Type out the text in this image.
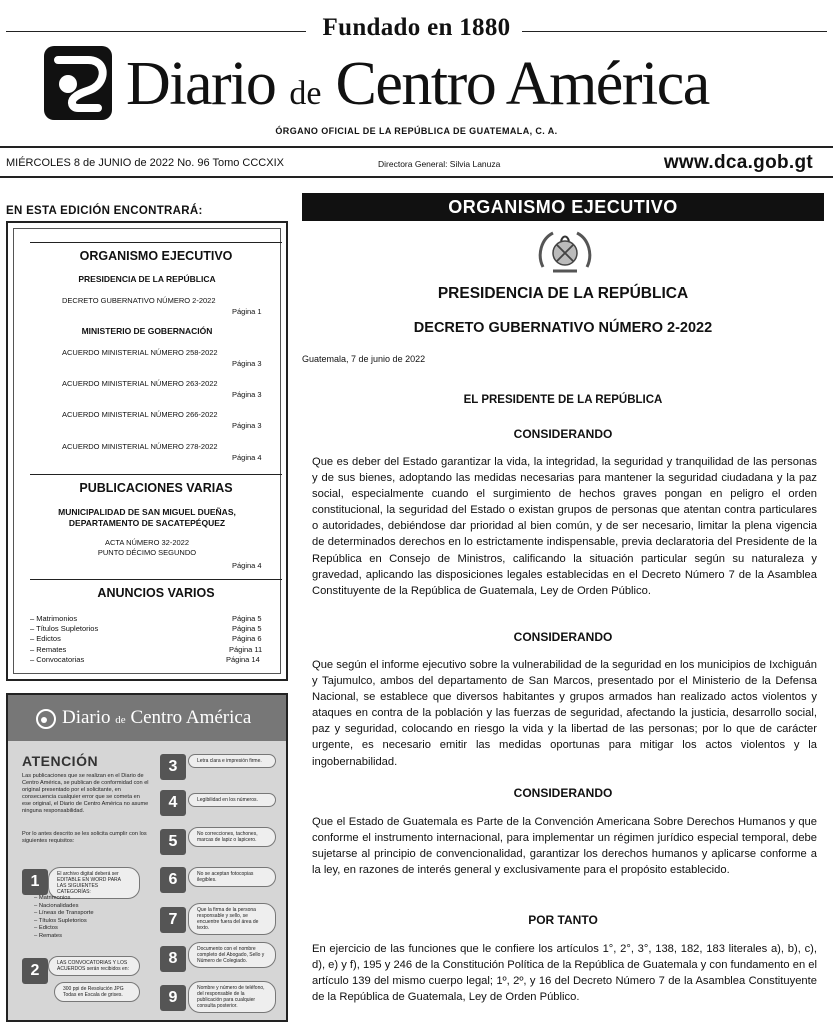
Fundado en 1880
Diario de Centro América
ÓRGANO OFICIAL DE LA REPÚBLICA DE GUATEMALA, C. A.
MIÉRCOLES 8 de JUNIO de 2022 No. 96 Tomo CCCXIX	Directora General: Silvia Lanuza	www.dca.gob.gt
EN ESTA EDICIÓN ENCONTRARÁ:
ORGANISMO EJECUTIVO
PRESIDENCIA DE LA REPÚBLICA
DECRETO GUBERNATIVO NÚMERO 2-2022
Página 1
MINISTERIO DE GOBERNACIÓN
ACUERDO MINISTERIAL NÚMERO 258-2022
Página 3
ACUERDO MINISTERIAL NÚMERO 263-2022
Página 3
ACUERDO MINISTERIAL NÚMERO 266-2022
Página 3
ACUERDO MINISTERIAL NÚMERO 278-2022
Página 4
PUBLICACIONES VARIAS
MUNICIPALIDAD DE SAN MIGUEL DUEÑAS,
DEPARTAMENTO DE SACATEPÉQUEZ
ACTA NÚMERO 32-2022
PUNTO DÉCIMO SEGUNDO
Página 4
ANUNCIOS VARIOS
– Matrimonios	Página 5
– Títulos Supletorios	Página 5
– Edictos	Página 6
– Remates	Página 11
– Convocatorias	Página 14
Diario de Centro América
ATENCIÓN
Las publicaciones que se realizan en el Diario de Centro América, se publican de conformidad con el original presentado por el solicitante, en consecuencia cualquier error que se cometa en ese original, el Diario de Centro América no asume ninguna responsabilidad.
Por lo antes descrito se les solicita cumplir con los siguientes requisitos:
1	El archivo digital deberá ser EDITABLE EN WORD PARA LAS SIGUIENTES CATEGORÍAS:
2	LAS CONVOCATORIAS Y LOS ACUERDOS serán recibidos en:
300 ppi de Resolución JPG Todas en Escala de grises.
3	Letra clara e impresión firme.
4	Legibilidad en los números.
5	No correcciones, tachones, marcas de lapiz o lapicero.
6	No se aceptan fotocopias ilegibles.
7
Que la firma de la persona responsable y sello, se encuentre fuera del área de texto.
8
Documento con el nombre completo del Abogado, Sello y Número de Colegiado.
9
Nombre y número de teléfono, del responsable de la publicación para cualquier consulta posterior.
– Matrimonios
– Nacionalidades
– Líneas de Transporte
– Títulos Supletorios
– Edictos
– Remates
ORGANISMO EJECUTIVO
PRESIDENCIA DE LA REPÚBLICA
DECRETO GUBERNATIVO NÚMERO 2-2022
Guatemala, 7 de junio de 2022
EL PRESIDENTE DE LA REPÚBLICA
CONSIDERANDO
Que es deber del Estado garantizar la vida, la integridad, la seguridad y tranquilidad de las personas y de sus bienes, adoptando las medidas necesarias para mantener la seguridad ciudadana y la paz social, especialmente cuando el surgimiento de hechos graves pongan en peligro el orden constitucional, la seguridad del Estado o existan grupos de personas que atentan contra particulares o autoridades, debiéndose dar prioridad al bien común, y de ser necesario, limitar la plena vigencia de determinados derechos en lo estrictamente indispensable, previa declaratoria del Presidente de la República en Consejo de Ministros, calificando la situación particular según su naturaleza y gravedad, aplicando las disposiciones legales establecidas en el Decreto Número 7 de la Asamblea Constituyente de la República de Guatemala, Ley de Orden Público.
CONSIDERANDO
Que según el informe ejecutivo sobre la vulnerabilidad de la seguridad en los municipios de Ixchiguán y Tajumulco, ambos del departamento de San Marcos, presentado por el Ministerio de la Defensa Nacional, se establece que diversos habitantes y grupos armados han realizado actos violentos y ataques en contra de la población y las fuerzas de seguridad, afectando la justicia, desarrollo social, paz y seguridad, colocando en riesgo la vida y la libertad de las personas; por lo que de carácter urgente, es necesario emitir las medidas oportunas para mitigar los actos violentos y la ingobernabilidad.
CONSIDERANDO
Que el Estado de Guatemala es Parte de la Convención Americana Sobre Derechos Humanos y que conforme el instrumento internacional, para implementar un régimen jurídico especial temporal, debe sujetarse al principio de convencionalidad, garantizar los derechos humanos y aplicarse conforme a la ley, en razones de interés general y exclusivamente para el propósito establecido.
POR TANTO
En ejercicio de las funciones que le confiere los artículos 1°, 2°, 3°, 138, 182, 183 literales a), b), c), d), e) y f), 195 y 246 de la Constitución Política de la República de Guatemala y con fundamento en el artículo 139 del mismo cuerpo legal; 1º, 2º, y 16 del Decreto Número 7 de la Asamblea Constituyente de la República de Guatemala, Ley de Orden Público.
